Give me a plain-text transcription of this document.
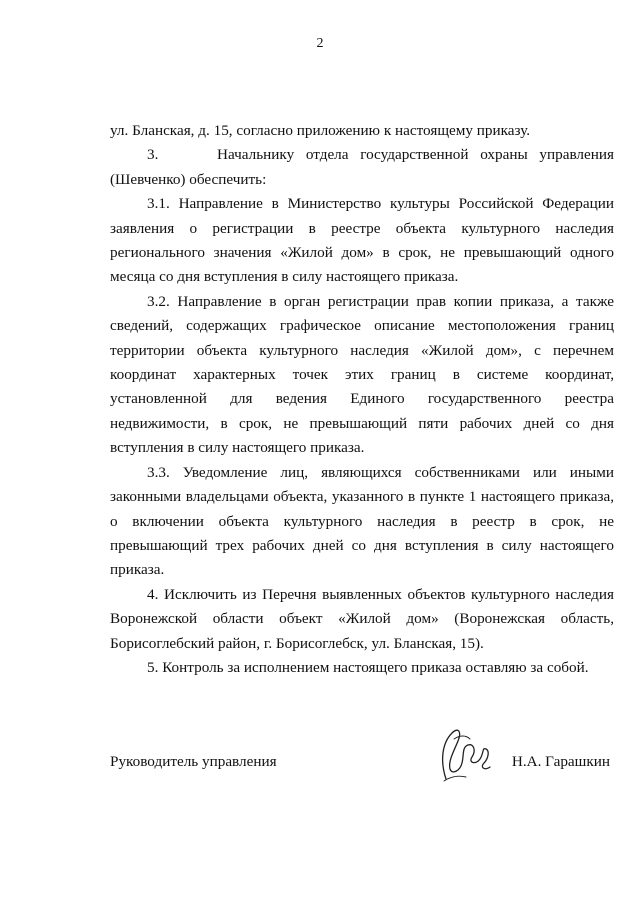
2

ул. Бланская, д. 15, согласно приложению к настоящему приказу.

3.     Начальнику отдела государственной охраны управления (Шевченко) обеспечить:

3.1. Направление в Министерство культуры Российской Федерации заявления о регистрации в реестре объекта культурного наследия регионального значения «Жилой дом» в срок, не превышающий одного месяца со дня вступления в силу настоящего приказа.

3.2. Направление в орган регистрации прав копии приказа, а также сведений, содержащих графическое описание местоположения границ территории объекта культурного наследия «Жилой дом», с перечнем координат характерных точек этих границ в системе координат, установленной для ведения Единого государственного реестра недвижимости, в срок, не превышающий пяти рабочих дней со дня вступления в силу настоящего приказа.

3.3. Уведомление лиц, являющихся собственниками или иными законными владельцами объекта, указанного в пункте 1 настоящего приказа, о включении объекта культурного наследия в реестр в срок, не превышающий трех рабочих дней со дня вступления в силу настоящего приказа.

4. Исключить из Перечня выявленных объектов культурного наследия Воронежской области объект «Жилой дом» (Воронежская область, Борисоглебский район, г. Борисоглебск, ул. Бланская, 15).

5. Контроль за исполнением настоящего приказа оставляю за собой.

Руководитель управления	Н.А. Гарашкин
